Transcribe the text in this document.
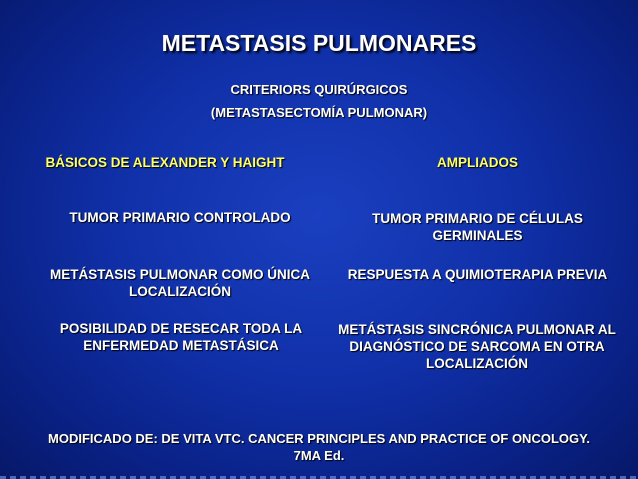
METASTASIS PULMONARES
CRITERIORS QUIRÚRGICOS
(METASTASECTOMÍA PULMONAR)
BÁSICOS DE ALEXANDER Y HAIGHT	AMPLIADOS
TUMOR PRIMARIO CONTROLADO
METÁSTASIS PULMONAR COMO ÚNICA LOCALIZACIÓN
POSIBILIDAD DE RESECAR TODA LA ENFERMEDAD METASTÁSICA
TUMOR PRIMARIO DE CÉLULAS GERMINALES
RESPUESTA A QUIMIOTERAPIA PREVIA
METÁSTASIS SINCRÓNICA PULMONAR AL DIAGNÓSTICO DE SARCOMA EN OTRA LOCALIZACIÓN
MODIFICADO DE: DE VITA VTC. CANCER PRINCIPLES AND PRACTICE OF ONCOLOGY. 7MA Ed.
